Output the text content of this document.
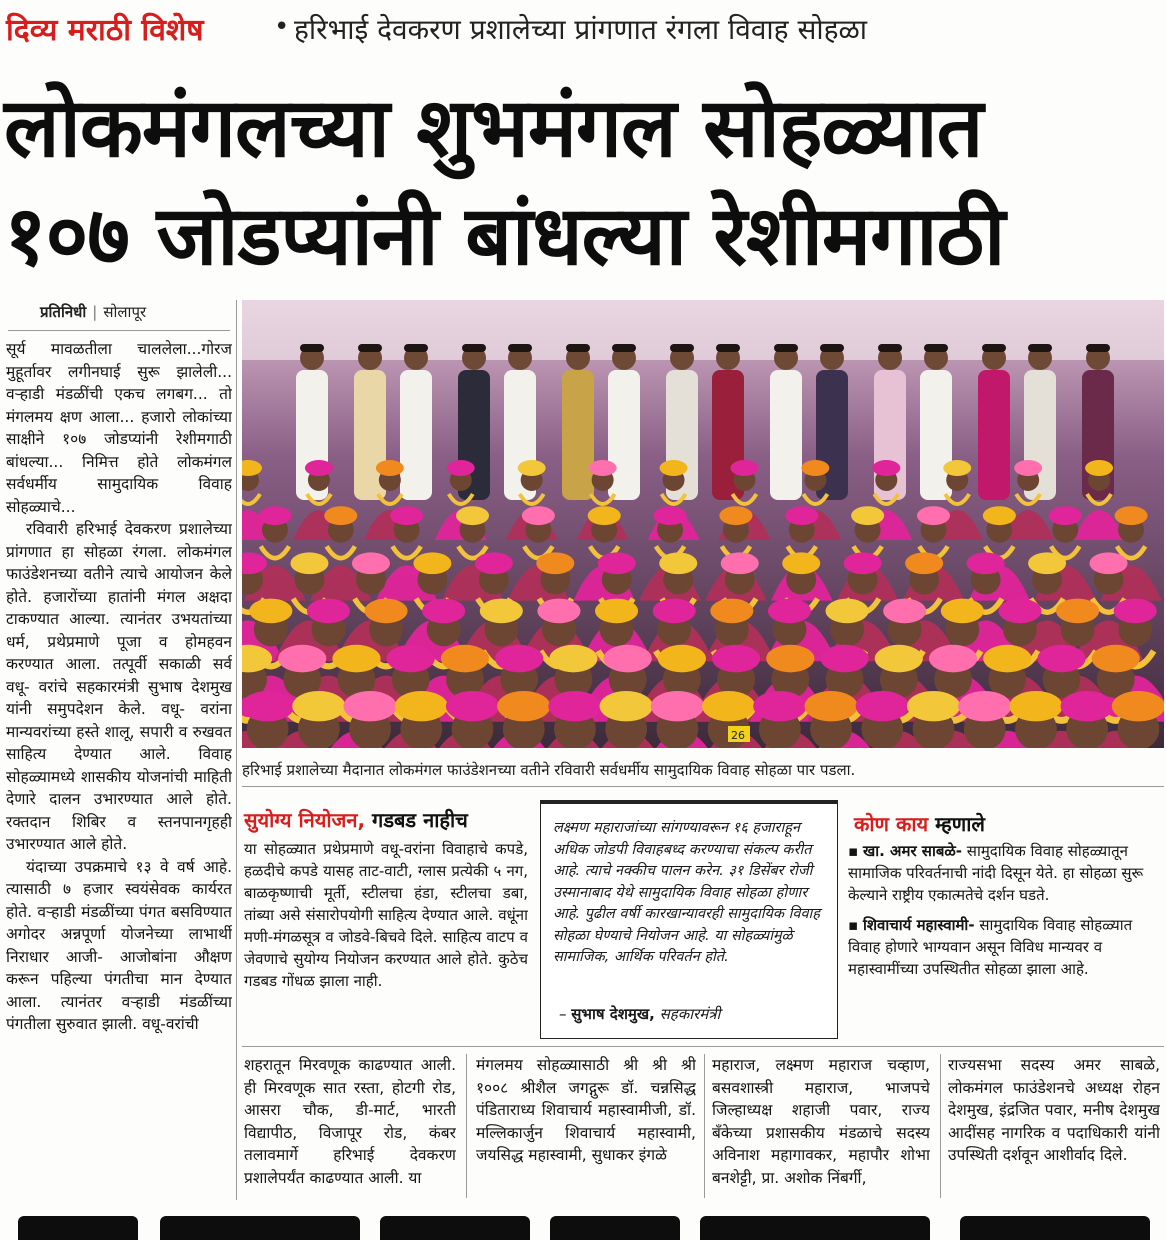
दिव्य मराठी विशेष	• हरिभाई देवकरण प्रशालेच्या प्रांगणात रंगला विवाह सोहळा
लोकमंगलच्या शुभमंगल सोहळ्यात
१०७ जोडप्यांनी बांधल्या रेशीमगाठी
प्रतिनिधी | सोलापूर

सूर्य मावळतीला चाललेला...गोरज मुहूर्तावर लगीनघाई सुरू झालेली... वऱ्हाडी मंडळींची एकच लगबग... तो मंगलमय क्षण आला... हजारो लोकांच्या साक्षीने १०७ जोडप्यांनी रेशीमगाठी बांधल्या... निमित्त होते लोकमंगल सर्वधर्मीय सामुदायिक विवाह सोहळ्याचे...

रविवारी हरिभाई देवकरण प्रशालेच्या प्रांगणात हा सोहळा रंगला. लोकमंगल फाउंडेशनच्या वतीने त्याचे आयोजन केले होते. हजारोंच्या हातांनी मंगल अक्षदा टाकण्यात आल्या. त्यानंतर उभयतांच्या धर्म, प्रथेप्रमाणे पूजा व होमहवन करण्यात आला. तत्पूर्वी सकाळी सर्व वधू- वरांचे सहकारमंत्री सुभाष देशमुख यांनी समुपदेशन केले. वधू- वरांना मान्यवरांच्या हस्ते शालू, सपारी व रुखवत साहित्य देण्यात आले. विवाह सोहळ्यामध्ये शासकीय योजनांची माहिती देणारे दालन उभारण्यात आले होते. रक्तदान शिबिर व स्तनपानगृहही उभारण्यात आले होते.

यंदाच्या उपक्रमाचे १३ वे वर्ष आहे. त्यासाठी ७ हजार स्वयंसेवक कार्यरत होते. वऱ्हाडी मंडळींच्या पंगत बसविण्यात अगोदर अन्नपूर्णा योजनेच्या लाभार्थी निराधार आजी- आजोबांना औक्षण करून पहिल्या पंगतीचा मान देण्यात आला. त्यानंतर वऱ्हाडी मंडळींच्या पंगतीला सुरुवात झाली. वधू-वरांची

26
हरिभाई प्रशालेच्या मैदानात लोकमंगल फाउंडेशनच्या वतीने रविवारी सर्वधर्मीय सामुदायिक विवाह सोहळा पार पडला.
सुयोग्य नियोजन, गडबड नाहीच

या सोहळ्यात प्रथेप्रमाणे वधू-वरांना विवाहाचे कपडे, हळदीचे कपडे यासह ताट-वाटी, ग्लास प्रत्येकी ५ नग, बाळकृष्णाची मूर्ती, स्टीलचा हंडा, स्टीलचा डबा, तांब्या असे संसारोपयोगी साहित्य देण्यात आले. वधूंना मणी-मंगळसूत्र व जोडवे-बिचवे दिले. साहित्य वाटप व जेवणाचे सुयोग्य नियोजन करण्यात आले होते. कुठेच गडबड गोंधळ झाला नाही.

लक्ष्मण महाराजांच्या सांगण्यावरून १६ हजाराहून अधिक जोडपी विवाहबध्द करण्याचा संकल्प करीत आहे. त्याचे नक्कीच पालन करेन. ३१ डिसेंबर रोजी उस्मानाबाद येथे सामुदायिक विवाह सोहळा होणार आहे. पुढील वर्षी कारखान्यावरही सामुदायिक विवाह सोहळा घेण्याचे नियोजन आहे. या सोहळ्यांमुळे सामाजिक, आर्थिक परिवर्तन होते.
– सुभाष देशमुख, सहकारमंत्री
कोण काय म्हणाले

▪ खा. अमर साबळे- सामुदायिक विवाह सोहळ्यातून सामाजिक परिवर्तनाची नांदी दिसून येते. हा सोहळा सुरू केल्याने राष्ट्रीय एकात्मतेचे दर्शन घडते.

▪ शिवाचार्य महास्वामी- सामुदायिक विवाह सोहळ्यात विवाह होणारे भाग्यवान असून विविध मान्यवर व महास्वामींच्या उपस्थितीत सोहळा झाला आहे.

शहरातून मिरवणूक काढण्यात आली. ही मिरवणूक सात रस्ता, होटगी रोड, आसरा चौक, डी-मार्ट, भारती विद्यापीठ, विजापूर रोड, कंबर तलावमार्गे हरिभाई देवकरण प्रशालेपर्यंत काढण्यात आली. या

मंगलमय सोहळ्यासाठी श्री श्री श्री १००८ श्रीशैल जगद्गुरू डॉ. चन्नसिद्ध पंडिताराध्य शिवाचार्य महास्वामीजी, डॉ. मल्लिकार्जुन शिवाचार्य महास्वामी, जयसिद्ध महास्वामी, सुधाकर इंगळे

महाराज, लक्ष्मण महाराज चव्हाण, बसवशास्त्री महाराज, भाजपचे जिल्हाध्यक्ष शहाजी पवार, राज्य बँकेच्या प्रशासकीय मंडळाचे सदस्य अविनाश महागावकर, महापौर शोभा बनशेट्टी, प्रा. अशोक निंबर्गी,

राज्यसभा सदस्य अमर साबळे, लोकमंगल फाउंडेशनचे अध्यक्ष रोहन देशमुख, इंद्रजित पवार, मनीष देशमुख आदींसह नागरिक व पदाधिकारी यांनी उपस्थिती दर्शवून आशीर्वाद दिले.
